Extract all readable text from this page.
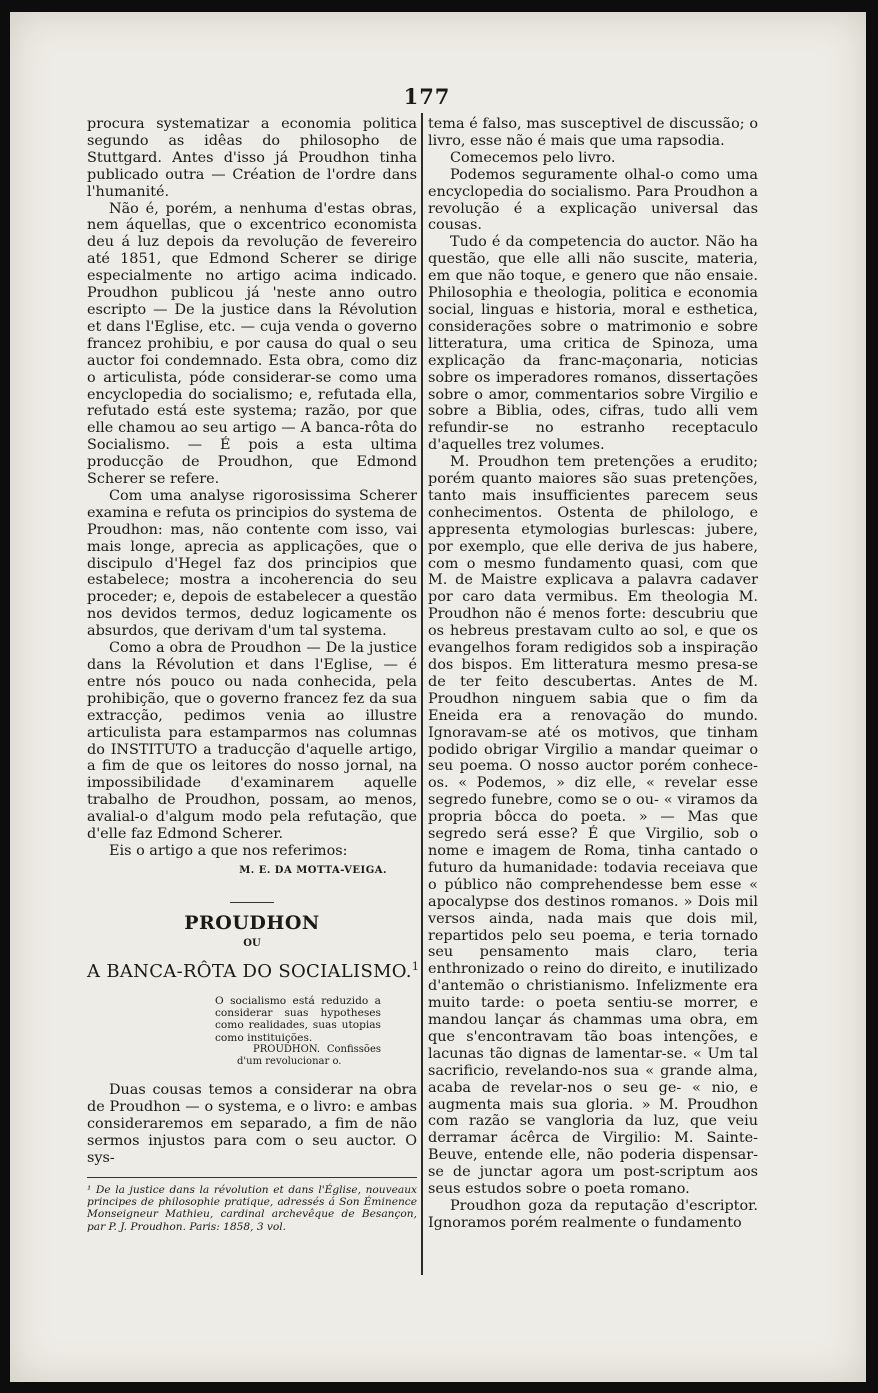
177

procura systematizar a economia politica segundo as idêas do philosopho de Stuttgard. Antes d'isso já Proudhon tinha publicado outra — Création de l'ordre dans l'humanité.

Não é, porém, a nenhuma d'estas obras, nem áquellas, que o excentrico economista deu á luz depois da revolução de fevereiro até 1851, que Edmond Scherer se dirige especialmente no artigo acima indicado. Proudhon publicou já 'neste anno outro escripto — De la justice dans la Révolution et dans l'Eglise, etc. — cuja venda o governo francez prohibiu, e por causa do qual o seu auctor foi condemnado. Esta obra, como diz o articulista, póde considerar-se como uma encyclopedia do socialismo; e, refutada ella, refutado está este systema; razão, por que elle chamou ao seu artigo — A banca-rôta do Socialismo. — É pois a esta ultima producção de Proudhon, que Edmond Scherer se refere.

Com uma analyse rigorosissima Scherer examina e refuta os principios do systema de Proudhon: mas, não contente com isso, vai mais longe, aprecia as applicações, que o discipulo d'Hegel faz dos principios que estabelece; mostra a incoherencia do seu proceder; e, depois de estabelecer a questão nos devidos termos, deduz logicamente os absurdos, que derivam d'um tal systema.

Como a obra de Proudhon — De la justice dans la Révolution et dans l'Eglise, — é entre nós pouco ou nada conhecida, pela prohibição, que o governo francez fez da sua extracção, pedimos venia ao illustre articulista para estamparmos nas columnas do INSTITUTO a traducção d'aquelle artigo, a fim de que os leitores do nosso jornal, na impossibilidade d'examinarem aquelle trabalho de Proudhon, possam, ao menos, avalial-o d'algum modo pela refutação, que d'elle faz Edmond Scherer.

Eis o artigo a que nos referimos:

M. E. DA MOTTA-VEIGA.
PROUDHON
OU
A BANCA-RÔTA DO SOCIALISMO.$^1$
O socialismo está reduzido a considerar suas hypotheses como realidades, suas utopias como instituições.
PROUDHON. Confissões d'um revolucionar o.

Duas cousas temos a considerar na obra de Proudhon — o systema, e o livro: e ambas consideraremos em separado, a fim de não sermos injustos para com o seu auctor. O sys-

¹ De la justice dans la révolution et dans l'Église, nouveaux principes de philosophie pratique, adressés á Son Éminence Monseigneur Mathieu, cardinal archevêque de Besançon, par P. J. Proudhon. Paris: 1858, 3 vol.

tema é falso, mas susceptivel de discussão; o livro, esse não é mais que uma rapsodia.

Comecemos pelo livro.

Podemos seguramente olhal-o como uma encyclopedia do socialismo. Para Proudhon a revolução é a explicação universal das cousas.

Tudo é da competencia do auctor. Não ha questão, que elle alli não suscite, materia, em que não toque, e genero que não ensaie. Philosophia e theologia, politica e economia social, linguas e historia, moral e esthetica, considerações sobre o matrimonio e sobre litteratura, uma critica de Spinoza, uma explicação da franc-maçonaria, noticias sobre os imperadores romanos, dissertações sobre o amor, commentarios sobre Virgilio e sobre a Biblia, odes, cifras, tudo alli vem refundir-se no estranho receptaculo d'aquelles trez volumes.

M. Proudhon tem pretenções a erudito; porém quanto maiores são suas pretenções, tanto mais insufficientes parecem seus conhecimentos. Ostenta de philologo, e appresenta etymologias burlescas: jubere, por exemplo, que elle deriva de jus habere, com o mesmo fundamento quasi, com que M. de Maistre explicava a palavra cadaver por caro data vermibus. Em theologia M. Proudhon não é menos forte: descubriu que os hebreus prestavam culto ao sol, e que os evangelhos foram redigidos sob a inspiração dos bispos. Em litteratura mesmo presa-se de ter feito descubertas. Antes de M. Proudhon ninguem sabia que o fim da Eneida era a renovação do mundo. Ignoravam-se até os motivos, que tinham podido obrigar Virgilio a mandar queimar o seu poema. O nosso auctor porém conhece-os. « Podemos, » diz elle, « revelar esse segredo funebre, como se o ou- « viramos da propria bôcca do poeta. » — Mas que segredo será esse? É que Virgilio, sob o nome e imagem de Roma, tinha cantado o futuro da humanidade: todavia receiava que o público não comprehendesse bem esse « apocalypse dos destinos romanos. » Dois mil versos ainda, nada mais que dois mil, repartidos pelo seu poema, e teria tornado seu pensamento mais claro, teria enthronizado o reino do direito, e inutilizado d'antemão o christianismo. Infelizmente era muito tarde: o poeta sentiu-se morrer, e mandou lançar ás chammas uma obra, em que s'encontravam tão boas intenções, e lacunas tão dignas de lamentar-se. « Um tal sacrificio, revelando-nos sua « grande alma, acaba de revelar-nos o seu ge- « nio, e augmenta mais sua gloria. » M. Proudhon com razão se vangloria da luz, que veiu derramar ácêrca de Virgilio: M. Sainte-Beuve, entende elle, não poderia dispensar-se de junctar agora um post-scriptum aos seus estudos sobre o poeta romano.

Proudhon goza da reputação d'escriptor. Ignoramos porém realmente o fundamento
